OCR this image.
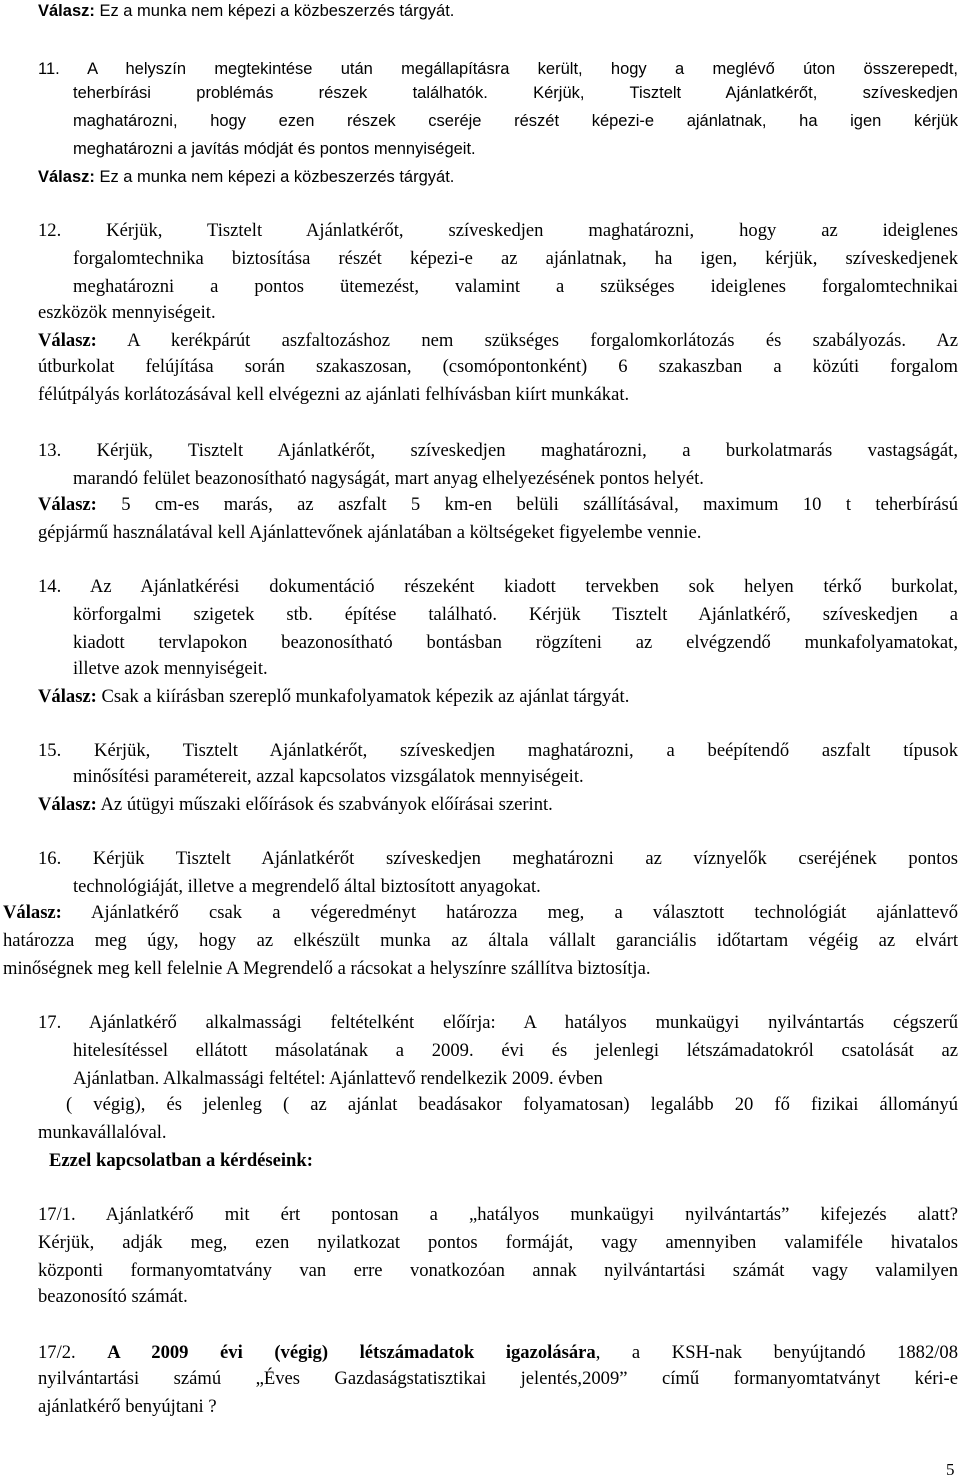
Válasz: Ez a munka nem képezi a közbeszerzés tárgyát.
11. A helyszín megtekintése után megállapításra került, hogy a meglévő úton összerepedt,
teherbírási problémás részek találhatók. Kérjük, Tisztelt Ajánlatkérőt, szíveskedjen
maghatározni, hogy ezen részek cseréje részét képezi-e ajánlatnak, ha igen kérjük
meghatározni a javítás módját és pontos mennyiségeit.
Válasz: Ez a munka nem képezi a közbeszerzés tárgyát.
12. Kérjük, Tisztelt Ajánlatkérőt, szíveskedjen maghatározni, hogy az ideiglenes
forgalomtechnika biztosítása részét képezi-e az ajánlatnak, ha igen, kérjük, szíveskedjenek
meghatározni a pontos ütemezést, valamint a szükséges ideiglenes forgalomtechnikai
eszközök mennyiségeit.
Válasz: A kerékpárút aszfaltozáshoz nem szükséges forgalomkorlátozás és szabályozás. Az
útburkolat felújítása során szakaszosan, (csomópontonként) 6 szakaszban a közúti forgalom
félútpályás korlátozásával kell elvégezni az ajánlati felhívásban kiírt munkákat.
13. Kérjük, Tisztelt Ajánlatkérőt, szíveskedjen maghatározni, a burkolatmarás vastagságát,
marandó felület beazonosítható nagyságát, mart anyag elhelyezésének pontos helyét.
Válasz: 5 cm-es marás, az aszfalt 5 km-en belüli szállításával, maximum 10 t teherbírású
gépjármű használatával kell Ajánlattevőnek ajánlatában a költségeket figyelembe vennie.
14. Az Ajánlatkérési dokumentáció részeként kiadott tervekben sok helyen térkő burkolat,
körforgalmi szigetek stb. építése található. Kérjük Tisztelt Ajánlatkérő, szíveskedjen a
kiadott tervlapokon beazonosítható bontásban rögzíteni az elvégzendő munkafolyamatokat,
illetve azok mennyiségeit.
Válasz: Csak a kiírásban szereplő munkafolyamatok képezik az ajánlat tárgyát.
15. Kérjük, Tisztelt Ajánlatkérőt, szíveskedjen maghatározni, a beépítendő aszfalt típusok
minősítési paramétereit, azzal kapcsolatos vizsgálatok mennyiségeit.
Válasz: Az útügyi műszaki előírások és szabványok előírásai szerint.
16. Kérjük Tisztelt Ajánlatkérőt szíveskedjen meghatározni az víznyelők cseréjének pontos
technológiáját, illetve a megrendelő által biztosított anyagokat.
Válasz: Ajánlatkérő csak a végeredményt határozza meg, a választott technológiát ajánlattevő
határozza meg úgy, hogy az elkészült munka az általa vállalt garanciális időtartam végéig az elvárt
minőségnek meg kell felelnie A Megrendelő a rácsokat a helyszínre szállítva biztosítja.
17. Ajánlatkérő alkalmassági feltételként előírja: A hatályos munkaügyi nyilvántartás cégszerű
hitelesítéssel ellátott másolatának a 2009. évi és jelenlegi létszámadatokról csatolását az
Ajánlatban. Alkalmassági feltétel: Ajánlattevő rendelkezik 2009. évben
( végig), és jelenleg ( az ajánlat beadásakor folyamatosan) legalább 20 fő fizikai állományú
munkavállalóval.
Ezzel kapcsolatban a kérdéseink:
17/1. Ajánlatkérő mit ért pontosan a „hatályos munkaügyi nyilvántartás” kifejezés alatt?
Kérjük, adják meg, ezen nyilatkozat pontos formáját, vagy amennyiben valamiféle hivatalos
központi formanyomtatvány van erre vonatkozóan annak nyilvántartási számát vagy valamilyen
beazonosító számát.
17/2. A 2009 évi (végig) létszámadatok igazolására, a KSH-nak benyújtandó 1882/08
nyilvántartási számú „Éves Gazdaságstatisztikai jelentés,2009” című formanyomtatványt kéri-e
ajánlatkérő benyújtani ?
5
